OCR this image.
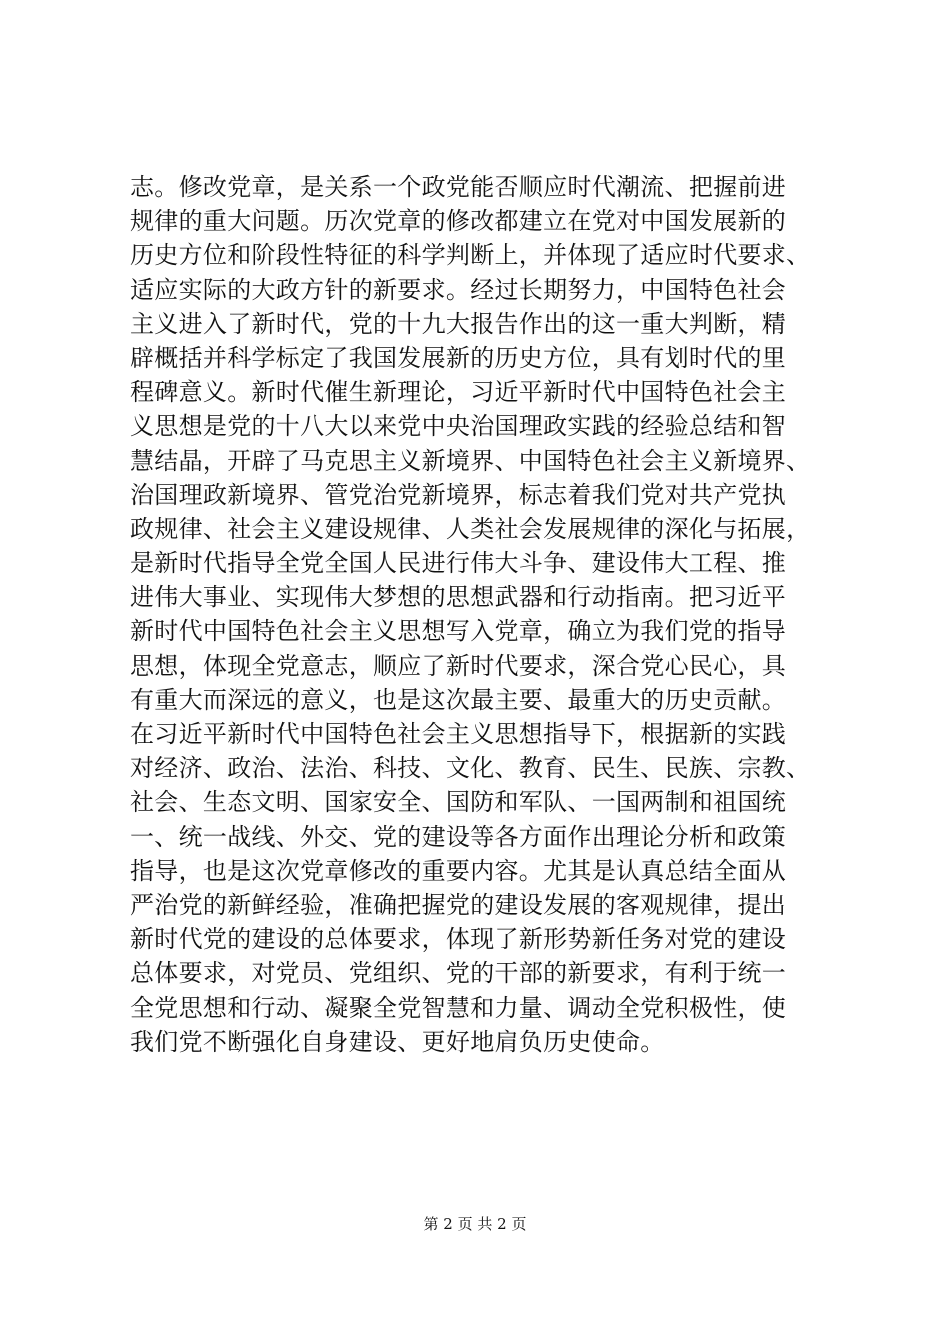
志。修改党章，是关系一个政党能否顺应时代潮流、把握前进
规律的重大问题。历次党章的修改都建立在党对中国发展新的
历史方位和阶段性特征的科学判断上，并体现了适应时代要求、
适应实际的大政方针的新要求。经过长期努力，中国特色社会
主义进入了新时代，党的十九大报告作出的这一重大判断，精
辟概括并科学标定了我国发展新的历史方位，具有划时代的里
程碑意义。新时代催生新理论，习近平新时代中国特色社会主
义思想是党的十八大以来党中央治国理政实践的经验总结和智
慧结晶，开辟了马克思主义新境界、中国特色社会主义新境界、
治国理政新境界、管党治党新境界，标志着我们党对共产党执
政规律、社会主义建设规律、人类社会发展规律的深化与拓展，
是新时代指导全党全国人民进行伟大斗争、建设伟大工程、推
进伟大事业、实现伟大梦想的思想武器和行动指南。把习近平
新时代中国特色社会主义思想写入党章，确立为我们党的指导
思想，体现全党意志，顺应了新时代要求，深合党心民心，具
有重大而深远的意义，也是这次最主要、最重大的历史贡献。
在习近平新时代中国特色社会主义思想指导下，根据新的实践
对经济、政治、法治、科技、文化、教育、民生、民族、宗教、
社会、生态文明、国家安全、国防和军队、一国两制和祖国统
一、统一战线、外交、党的建设等各方面作出理论分析和政策
指导，也是这次党章修改的重要内容。尤其是认真总结全面从
严治党的新鲜经验，准确把握党的建设发展的客观规律，提出
新时代党的建设的总体要求，体现了新形势新任务对党的建设
总体要求，对党员、党组织、党的干部的新要求，有利于统一
全党思想和行动、凝聚全党智慧和力量、调动全党积极性，使
我们党不断强化自身建设、更好地肩负历史使命。
第 2 页 共 2 页
